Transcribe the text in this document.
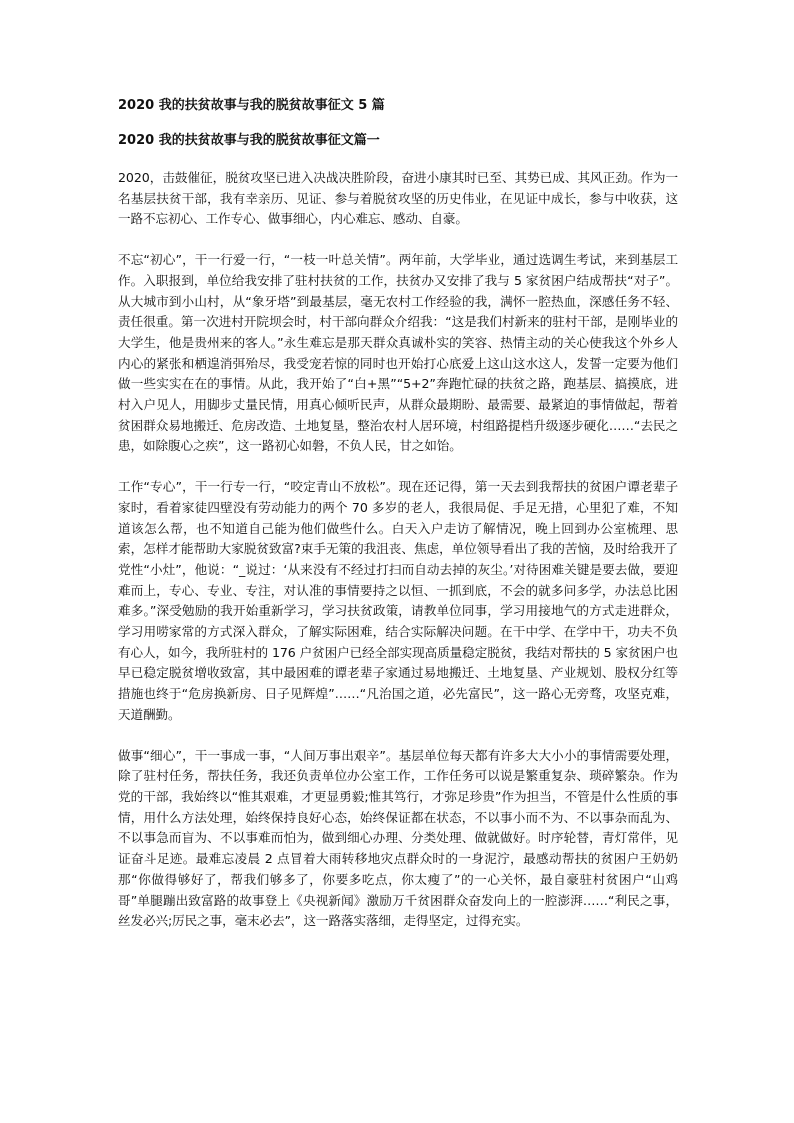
2020 我的扶贫故事与我的脱贫故事征文 5 篇

2020 我的扶贫故事与我的脱贫故事征文篇一

2020，击鼓催征，脱贫攻坚已进入决战决胜阶段，奋进小康其时已至、其势已成、其风正劲。作为一名基层扶贫干部，我有幸亲历、见证、参与着脱贫攻坚的历史伟业，在见证中成长，参与中收获，这一路不忘初心、工作专心、做事细心，内心难忘、感动、自豪。

不忘“初心”，干一行爱一行，“一枝一叶总关情”。两年前，大学毕业，通过选调生考试，来到基层工作。入职报到，单位给我安排了驻村扶贫的工作，扶贫办又安排了我与 5 家贫困户结成帮扶“对子”。从大城市到小山村，从“象牙塔”到最基层，毫无农村工作经验的我，满怀一腔热血，深感任务不轻、责任很重。第一次进村开院坝会时，村干部向群众介绍我：“这是我们村新来的驻村干部，是刚毕业的大学生，他是贵州来的客人。”永生难忘是那天群众真诚朴实的笑容、热情主动的关心使我这个外乡人内心的紧张和栖遑消弭殆尽，我受宠若惊的同时也开始打心底爱上这山这水这人，发誓一定要为他们做一些实实在在的事情。从此，我开始了“白+黑”“5+2”奔跑忙碌的扶贫之路，跑基层、搞摸底，进村入户见人，用脚步丈量民情，用真心倾听民声，从群众最期盼、最需要、最紧迫的事情做起，帮着贫困群众易地搬迁、危房改造、土地复垦，整治农村人居环境，村组路提档升级逐步硬化……“去民之患，如除腹心之疾”，这一路初心如磐，不负人民，甘之如饴。

工作“专心”，干一行专一行，“咬定青山不放松”。现在还记得，第一天去到我帮扶的贫困户谭老辈子家时，看着家徒四壁没有劳动能力的两个 70 多岁的老人，我很局促、手足无措，心里犯了难，不知道该怎么帮，也不知道自己能为他们做些什么。白天入户走访了解情况，晚上回到办公室梳理、思索，怎样才能帮助大家脱贫致富?束手无策的我沮丧、焦虑，单位领导看出了我的苦恼，及时给我开了党性“小灶”，他说：“_说过：‘从来没有不经过打扫而自动去掉的灰尘。’对待困难关键是要去做，要迎难而上，专心、专业、专注，对认准的事情要持之以恒、一抓到底，不会的就多问多学，办法总比困难多。”深受勉励的我开始重新学习，学习扶贫政策，请教单位同事，学习用接地气的方式走进群众，学习用唠家常的方式深入群众，了解实际困难，结合实际解决问题。在干中学、在学中干，功夫不负有心人，如今，我所驻村的 176 户贫困户已经全部实现高质量稳定脱贫，我结对帮扶的 5 家贫困户也早已稳定脱贫增收致富，其中最困难的谭老辈子家通过易地搬迁、土地复垦、产业规划、股权分红等措施也终于“危房换新房、日子见辉煌”……“凡治国之道，必先富民”，这一路心无旁骛，攻坚克难，天道酬勤。

做事“细心”，干一事成一事，“人间万事出艰辛”。基层单位每天都有许多大大小小的事情需要处理，除了驻村任务，帮扶任务，我还负责单位办公室工作，工作任务可以说是繁重复杂、琐碎繁杂。作为党的干部，我始终以“惟其艰难，才更显勇毅;惟其笃行，才弥足珍贵”作为担当，不管是什么性质的事情，用什么方法处理，始终保持良好心态，始终保证都在状态，不以事小而不为、不以事杂而乱为、不以事急而盲为、不以事难而怕为，做到细心办理、分类处理、做就做好。时序轮替，青灯常伴，见证奋斗足迹。最难忘凌晨 2 点冒着大雨转移地灾点群众时的一身泥泞，最感动帮扶的贫困户王奶奶那“你做得够好了，帮我们够多了，你要多吃点，你太瘦了”的一心关怀，最自豪驻村贫困户“山鸡哥”单腿蹦出致富路的故事登上《央视新闻》激励万千贫困群众奋发向上的一腔澎湃……“利民之事，丝发必兴;厉民之事，毫末必去”，这一路落实落细，走得坚定，过得充实。
